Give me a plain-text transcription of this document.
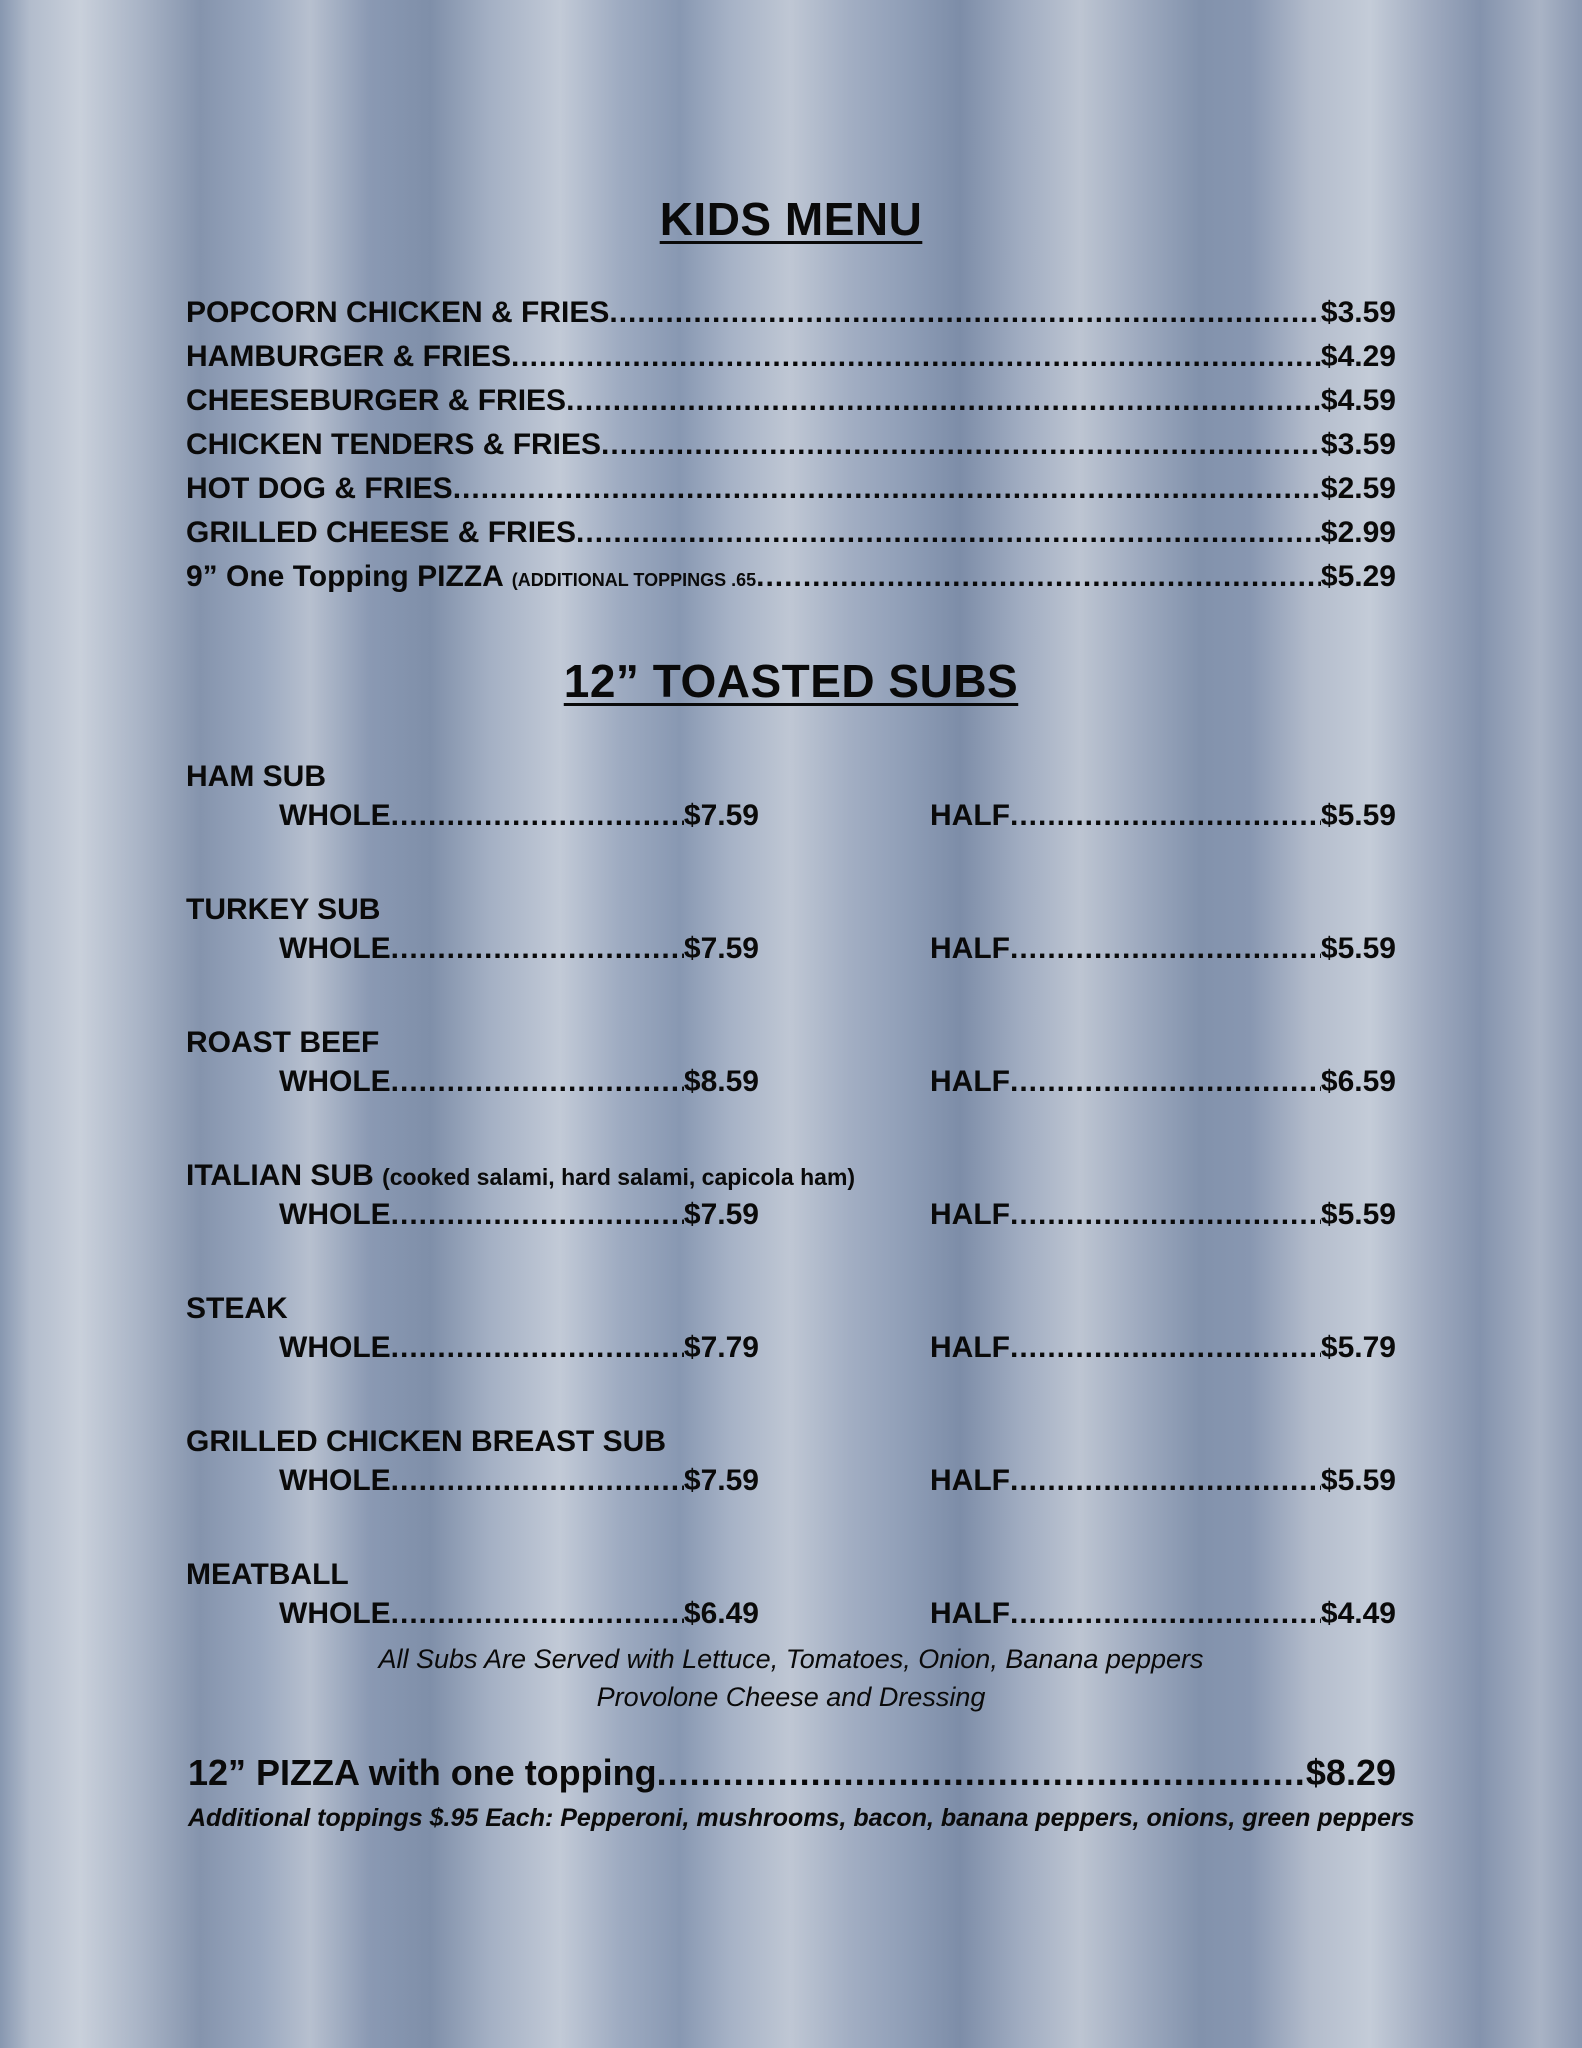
KIDS MENU
POPCORN CHICKEN & FRIES .....	$3.59
HAMBURGER & FRIES .....	$4.29
CHEESEBURGER & FRIES .....	$4.59
CHICKEN TENDERS & FRIES .....	$3.59
HOT DOG & FRIES .....	$2.59
GRILLED CHEESE & FRIES .....	$2.99
9” One Topping PIZZA (ADDITIONAL TOPPINGS .65 .....	$5.29
12” TOASTED SUBS
HAM SUB
WHOLE .....	$7.59	HALF .....	$5.59
TURKEY SUB
WHOLE .....	$7.59	HALF .....	$5.59
ROAST BEEF
WHOLE .....	$8.59	HALF .....	$6.59
ITALIAN SUB (cooked salami, hard salami, capicola ham)
WHOLE .....	$7.59	HALF .....	$5.59
STEAK
WHOLE .....	$7.79	HALF .....	$5.79
GRILLED CHICKEN BREAST SUB
WHOLE .....	$7.59	HALF .....	$5.59
MEATBALL
WHOLE .....	$6.49	HALF .....	$4.49
All Subs Are Served with Lettuce, Tomatoes, Onion, Banana peppers
Provolone Cheese and Dressing
12” PIZZA with one topping .....	$8.29
Additional toppings $.95 Each: Pepperoni, mushrooms, bacon, banana peppers, onions, green peppers
